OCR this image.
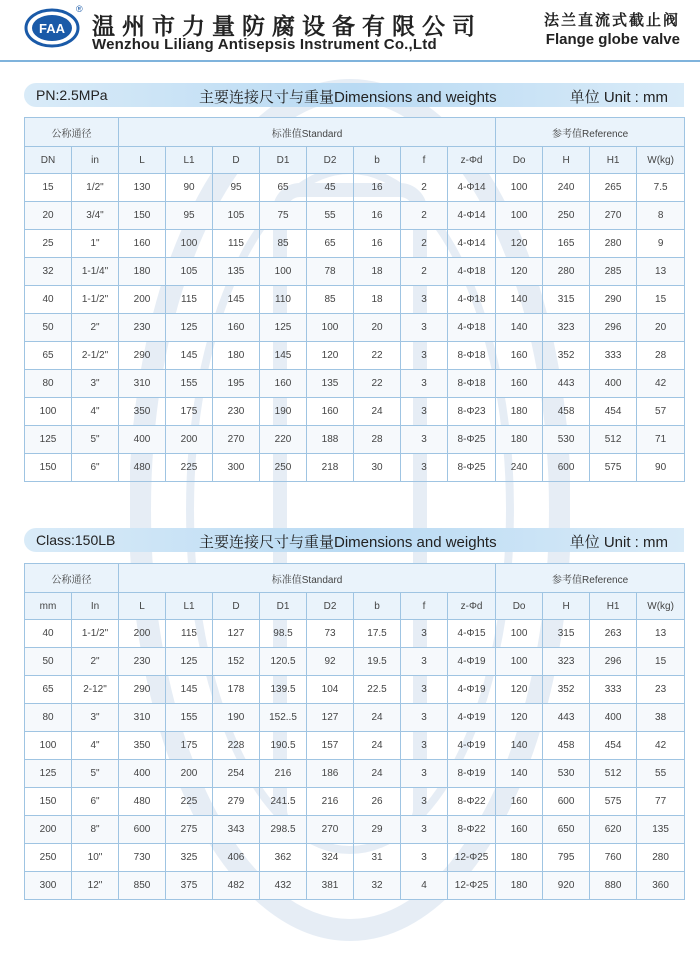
FAA
®
温州市力量防腐设备有限公司
Wenzhou Liliang Antisepsis Instrument Co.,Ltd
法兰直流式截止阀
Flange globe valve
PN:2.5MPa	主要连接尺寸与重量Dimensions and weights	单位 Unit : mm
公称通径		标准值Standard								参考值Reference			
DN	in	L	L1	D	D1	D2	b	f	z-Φd	Do	H	H1	W(kg)
15	1/2"	130	90	95	65	45	16	2	4-Φ14	100	240	265	7.5
20	3/4"	150	95	105	75	55	16	2	4-Φ14	100	250	270	8
25	1"	160	100	115	85	65	16	2	4-Φ14	120	165	280	9
32	1-1/4"	180	105	135	100	78	18	2	4-Φ18	120	280	285	13
40	1-1/2"	200	115	145	110	85	18	3	4-Φ18	140	315	290	15
50	2"	230	125	160	125	100	20	3	4-Φ18	140	323	296	20
65	2-1/2"	290	145	180	145	120	22	3	8-Φ18	160	352	333	28
80	3"	310	155	195	160	135	22	3	8-Φ18	160	443	400	42
100	4"	350	175	230	190	160	24	3	8-Φ23	180	458	454	57
125	5"	400	200	270	220	188	28	3	8-Φ25	180	530	512	71
150	6"	480	225	300	250	218	30	3	8-Φ25	240	600	575	90
Class:150LB	主要连接尺寸与重量Dimensions and weights	单位 Unit : mm
公称通径		标准值Standard								参考值Reference			
mm	In	L	L1	D	D1	D2	b	f	z-Φd	Do	H	H1	W(kg)
40	1-1/2"	200	115	127	98.5	73	17.5	3	4-Φ15	100	315	263	13
50	2"	230	125	152	120.5	92	19.5	3	4-Φ19	100	323	296	15
65	2-12"	290	145	178	139.5	104	22.5	3	4-Φ19	120	352	333	23
80	3"	310	155	190	152..5	127	24	3	4-Φ19	120	443	400	38
100	4"	350	175	228	190.5	157	24	3	4-Φ19	140	458	454	42
125	5"	400	200	254	216	186	24	3	8-Φ19	140	530	512	55
150	6"	480	225	279	241.5	216	26	3	8-Φ22	160	600	575	77
200	8"	600	275	343	298.5	270	29	3	8-Φ22	160	650	620	135
250	10"	730	325	406	362	324	31	3	12-Φ25	180	795	760	280
300	12"	850	375	482	432	381	32	4	12-Φ25	180	920	880	360
